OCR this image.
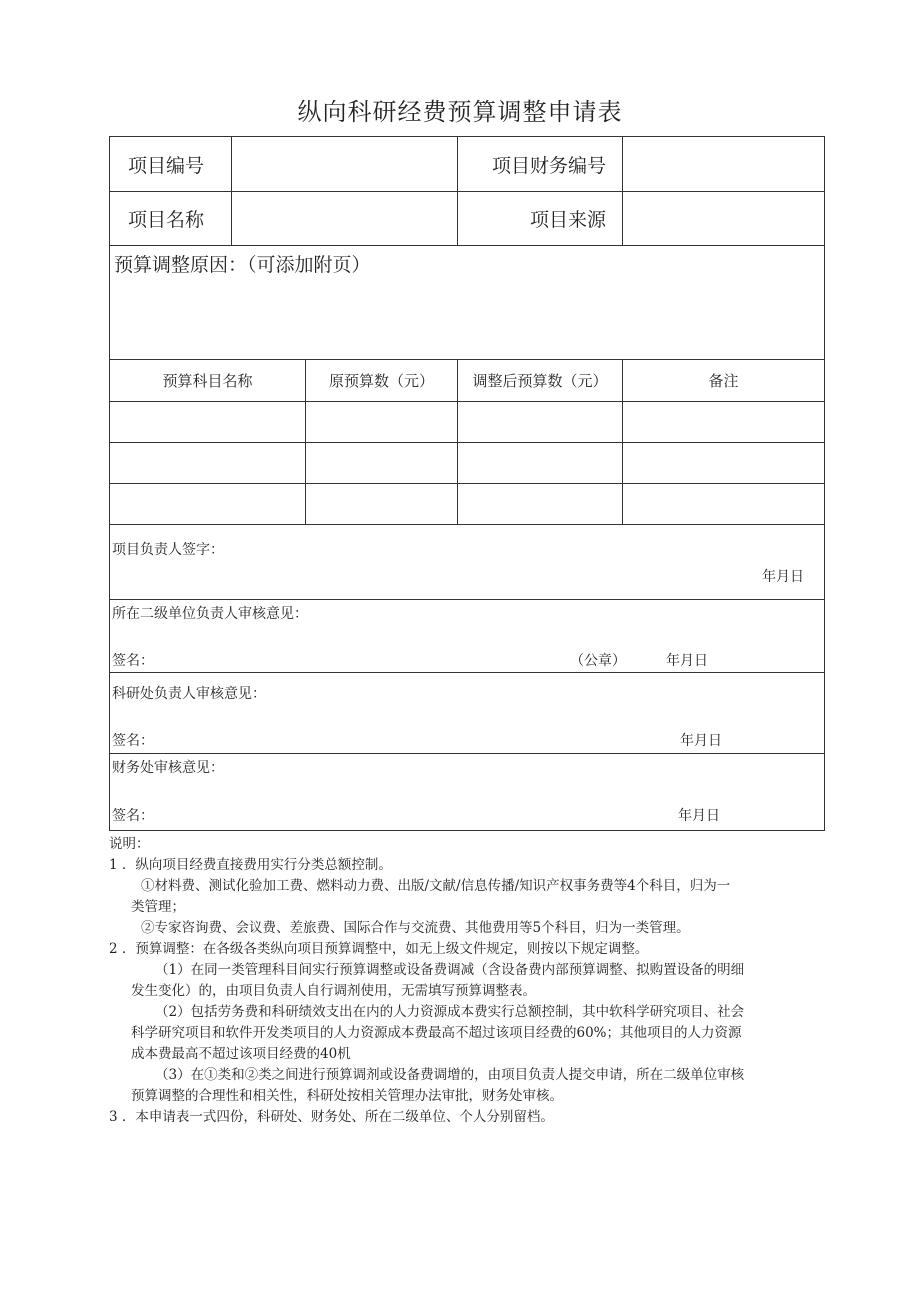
纵向科研经费预算调整申请表
项目编号			项目财务编号	
项目名称			项目来源	
预算调整原因：（可添加附页）				
预算科目名称		原预算数（元）	调整后预算数（元）	备注

项目负责人签字：
年月日				

所在二级单位负责人审核意见：
签名： （公章） 年月日				

科研处负责人审核意见：
签名： 年月日				

财务处审核意见：
签名： 年月日				
说明：
1 ．纵向项目经费直接费用实行分类总额控制。
①材料费、测试化验加工费、燃料动力费、出版/文献/信息传播/知识产权事务费等4个科目，归为一
类管理；
②专家咨询费、会议费、差旅费、国际合作与交流费、其他费用等5个科目，归为一类管理。
2 ．预算调整：在各级各类纵向项目预算调整中，如无上级文件规定，则按以下规定调整。
（1）在同一类管理科目间实行预算调整或设备费调减（含设备费内部预算调整、拟购置设备的明细
发生变化）的，由项目负责人自行调剂使用，无需填写预算调整表。
（2）包括劳务费和科研绩效支出在内的人力资源成本费实行总额控制，其中软科学研究项目、社会
科学研究项目和软件开发类项目的人力资源成本费最高不超过该项目经费的60%；其他项目的人力资源
成本费最高不超过该项目经费的40机
（3）在①类和②类之间进行预算调剂或设备费调增的，由项目负责人提交申请，所在二级单位审核
预算调整的合理性和相关性，科研处按相关管理办法审批，财务处审核。
3 ．本申请表一式四份，科研处、财务处、所在二级单位、个人分别留档。
